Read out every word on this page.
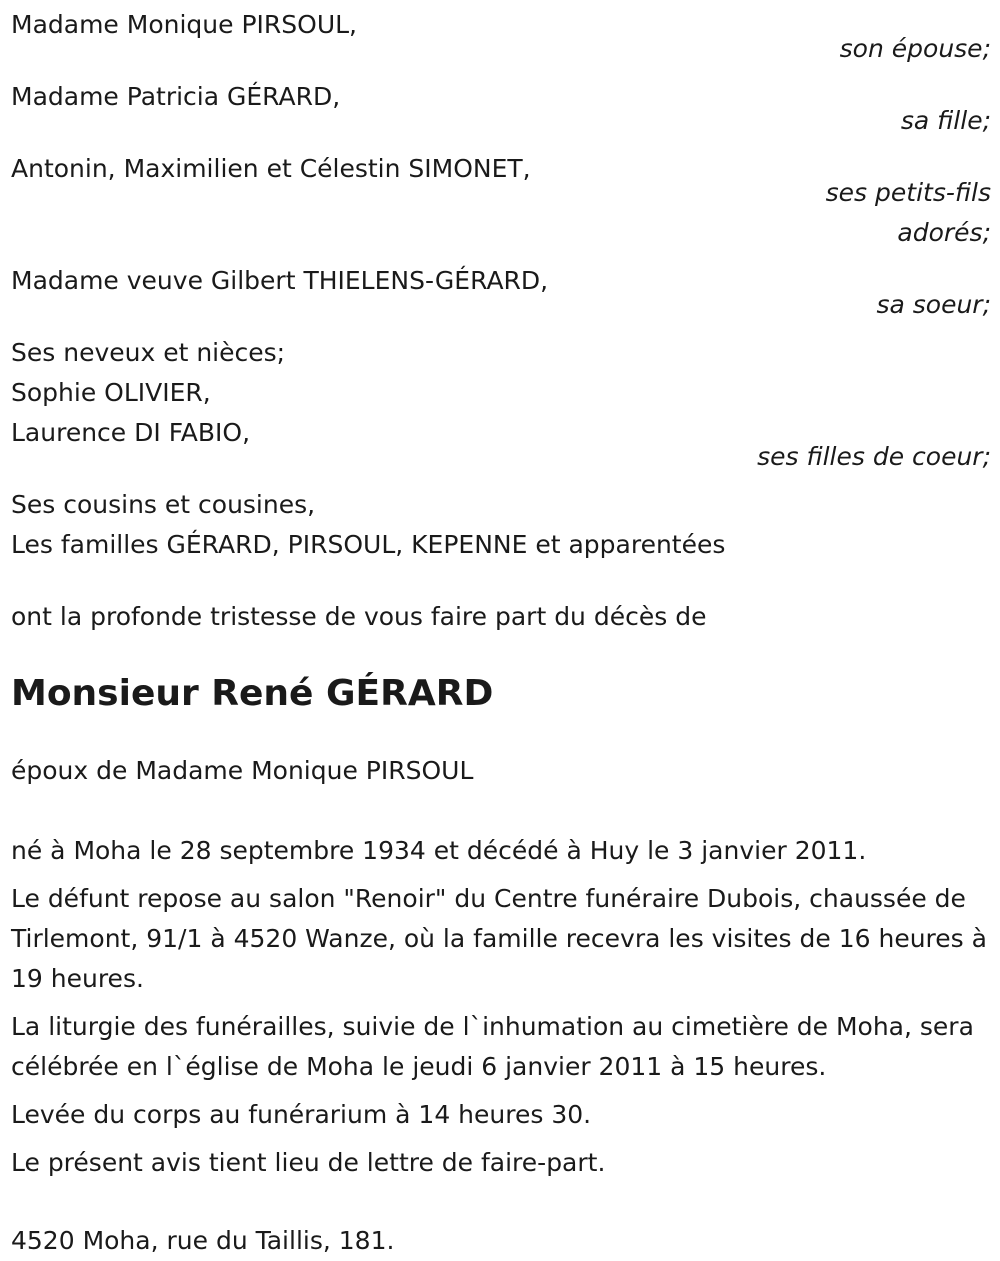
Madame Monique PIRSOUL,
son épouse;
Madame Patricia GÉRARD,
sa fille;
Antonin, Maximilien et Célestin SIMONET,
ses petits-fils
adorés;
Madame veuve Gilbert THIELENS-GÉRARD,
sa soeur;
Ses neveux et nièces;
Sophie OLIVIER,
Laurence DI FABIO,
ses filles de coeur;
Ses cousins et cousines,
Les familles GÉRARD, PIRSOUL, KEPENNE et apparentées
ont la profonde tristesse de vous faire part du décès de
Monsieur René GÉRARD
époux de Madame Monique PIRSOUL
né à Moha le 28 septembre 1934 et décédé à Huy le 3 janvier 2011.
Le défunt repose au salon "Renoir" du Centre funéraire Dubois, chaussée de Tirlemont, 91/1 à 4520 Wanze, où la famille recevra les visites de 16 heures à 19 heures.
La liturgie des funérailles, suivie de l`inhumation au cimetière de Moha, sera célébrée en l`église de Moha le jeudi 6 janvier 2011 à 15 heures.
Levée du corps au funérarium à 14 heures 30.
Le présent avis tient lieu de lettre de faire-part.
4520 Moha, rue du Taillis, 181.
